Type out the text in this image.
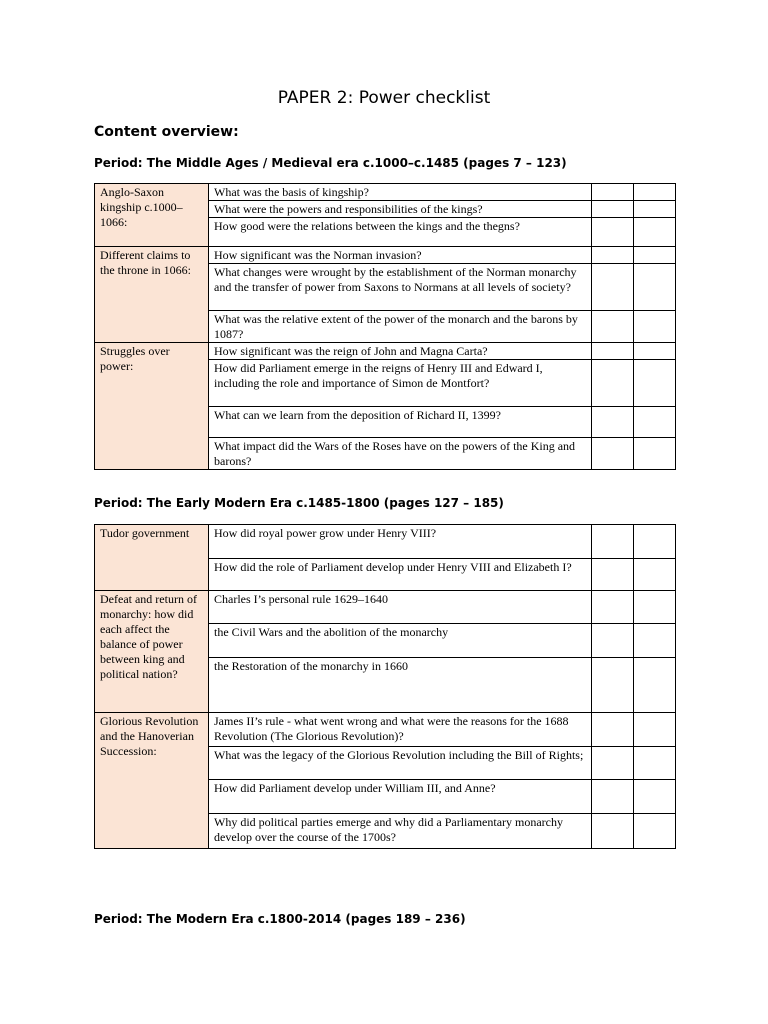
PAPER 2: Power checklist
Content overview:
Period: The Middle Ages / Medieval era c.1000–c.1485 (pages 7 – 123)
Anglo-Saxon kingship c.1000–1066:	What was the basis of kingship?		
	What were the powers and responsibilities of the kings?		
	How good were the relations between the kings and the thegns?		
Different claims to the throne in 1066:	How significant was the Norman invasion?		
	What changes were wrought by the establishment of the Norman monarchy and the transfer of power from Saxons to Normans at all levels of society?		
	What was the relative extent of the power of the monarch and the barons by 1087?		
Struggles over power:	How significant was the reign of John and Magna Carta?		
	How did Parliament emerge in the reigns of Henry III and Edward I, including the role and importance of Simon de Montfort?		
	What can we learn from the deposition of Richard II, 1399?		
	What impact did the Wars of the Roses have on the powers of the King and barons?		
Period: The Early Modern Era c.1485-1800 (pages 127 – 185)
Tudor government	How did royal power grow under Henry VIII?		
	How did the role of Parliament develop under Henry VIII and Elizabeth I?		
Defeat and return of monarchy: how did each affect the balance of power between king and political nation?	Charles I’s personal rule 1629–1640		
	the Civil Wars and the abolition of the monarchy		
	the Restoration of the monarchy in 1660		
Glorious Revolution and the Hanoverian Succession:	James II’s rule - what went wrong and what were the reasons for the 1688 Revolution (The Glorious Revolution)?		
	What was the legacy of the Glorious Revolution including the Bill of Rights;		
	How did Parliament develop under William III, and Anne?		
	Why did political parties emerge and why did a Parliamentary monarchy develop over the course of the 1700s?		
Period: The Modern Era c.1800-2014 (pages 189 – 236)
